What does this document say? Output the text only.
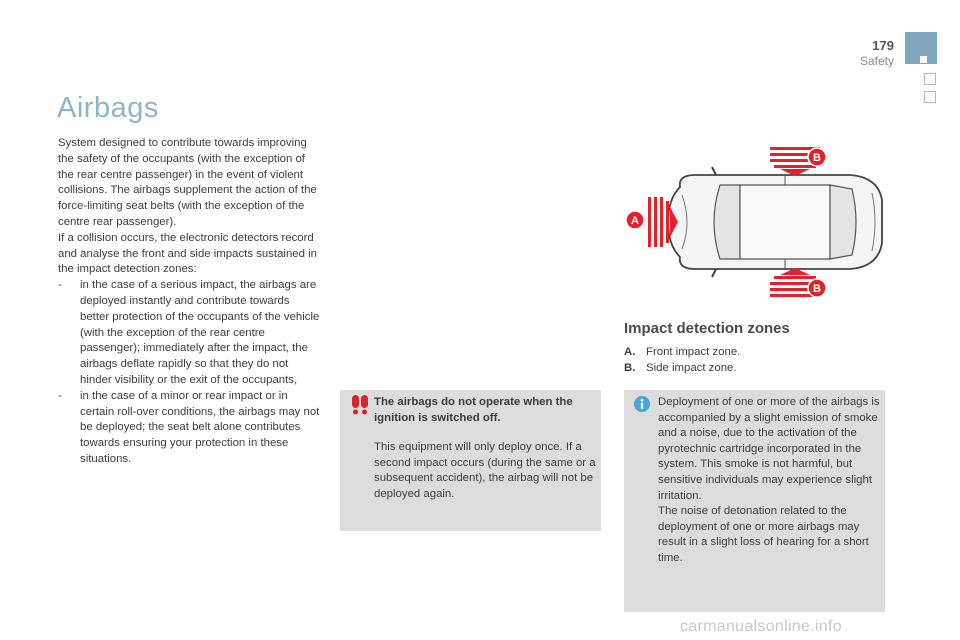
179
Safety
Airbags

System designed to contribute towards improving the safety of the occupants (with the exception of the rear centre passenger) in the event of violent collisions. The airbags supplement the action of the force-limiting seat belts (with the exception of the centre rear passenger).

If a collision occurs, the electronic detectors record and analyse the front and side impacts sustained in the impact detection zones:

-	in the case of a serious impact, the airbags are deployed instantly and contribute towards better protection of the occupants of the vehicle (with the exception of the rear centre passenger); immediately after the impact, the airbags deflate rapidly so that they do not hinder visibility or the exit of the occupants,
-	in the case of a minor or rear impact or in certain roll-over conditions, the airbags may not be deployed; the seat belt alone contributes towards ensuring your protection in these situations.
The airbags do not operate when the ignition is switched off.
This equipment will only deploy once. If a second impact occurs (during the same or a subsequent accident), the airbag will not be deployed again.
A
B
B
Impact detection zones
A. Front impact zone.
B. Side impact zone.

Deployment of one or more of the airbags is accompanied by a slight emission of smoke and a noise, due to the activation of the pyrotechnic cartridge incorporated in the system. This smoke is not harmful, but sensitive individuals may experience slight irritation.

The noise of detonation related to the deployment of one or more airbags may result in a slight loss of hearing for a short time.

carmanualsonline.info
